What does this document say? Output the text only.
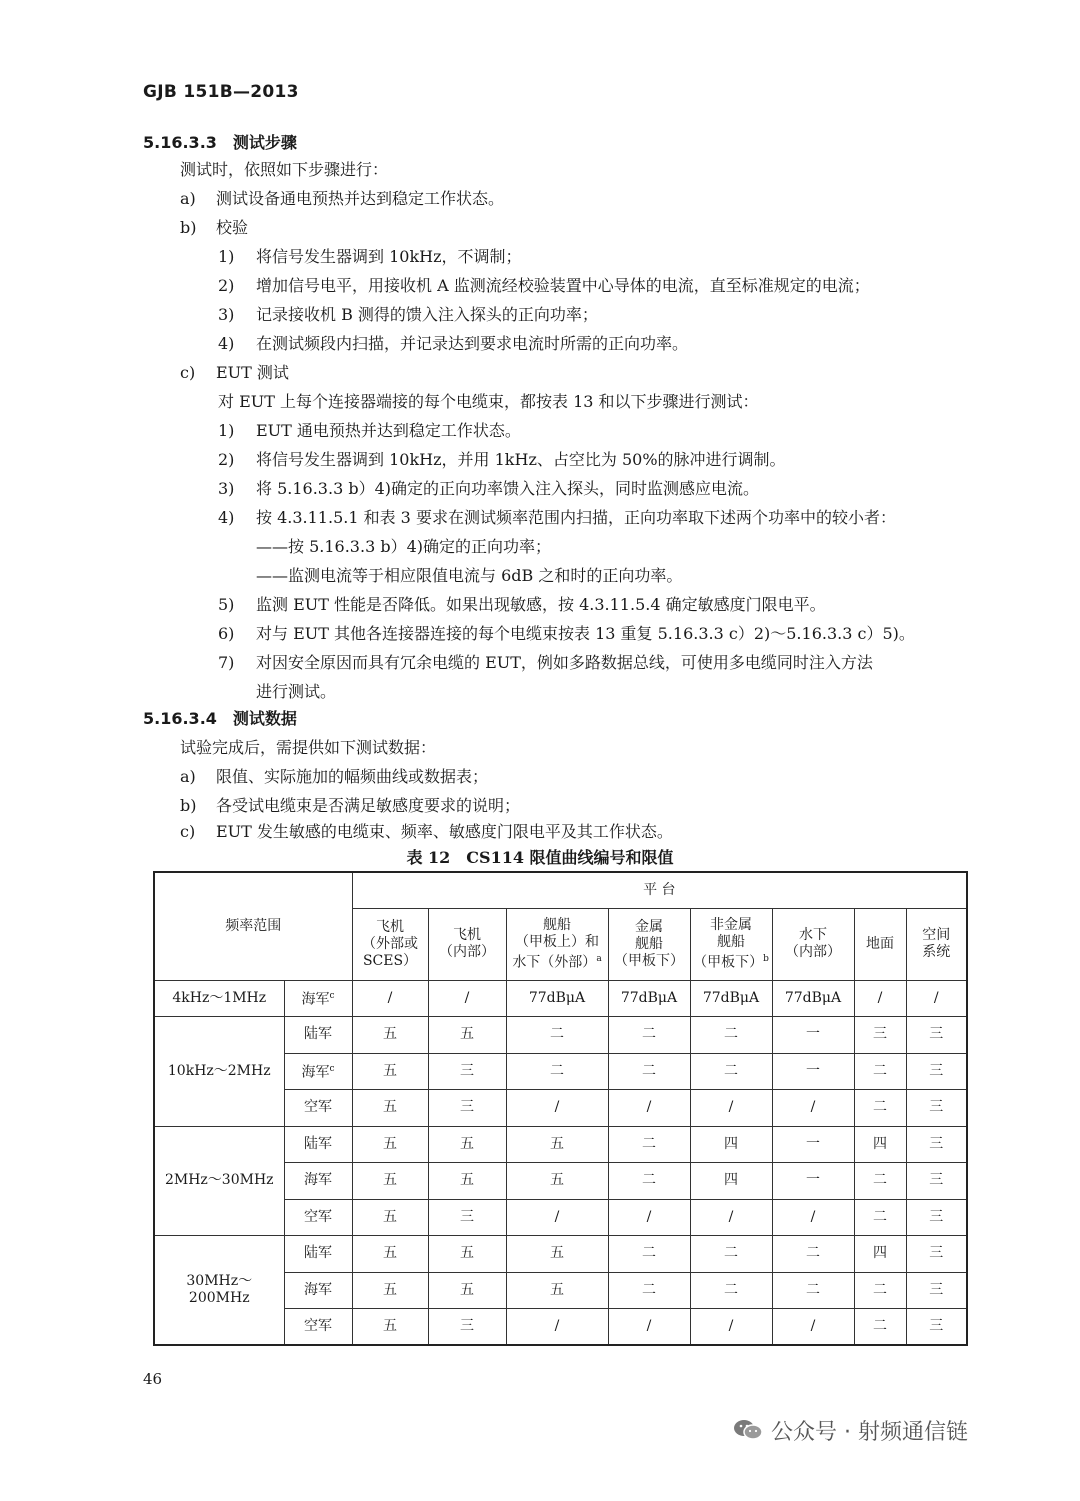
GJB 151B—2013
5.16.3.3 测试步骤
测试时，依照如下步骤进行：
a) 测试设备通电预热并达到稳定工作状态。
b) 校验
1) 将信号发生器调到 10kHz，不调制；
2) 增加信号电平，用接收机 A 监测流经校验装置中心导体的电流，直至标准规定的电流；
3) 记录接收机 B 测得的馈入注入探头的正向功率；
4) 在测试频段内扫描，并记录达到要求电流时所需的正向功率。
c) EUT 测试
对 EUT 上每个连接器端接的每个电缆束，都按表 13 和以下步骤进行测试：
1) EUT 通电预热并达到稳定工作状态。
2) 将信号发生器调到 10kHz，并用 1kHz、占空比为 50%的脉冲进行调制。
3) 将 5.16.3.3 b）4)确定的正向功率馈入注入探头，同时监测感应电流。
4) 按 4.3.11.5.1 和表 3 要求在测试频率范围内扫描，正向功率取下述两个功率中的较小者：
——按 5.16.3.3 b）4)确定的正向功率；
——监测电流等于相应限值电流与 6dB 之和时的正向功率。
5) 监测 EUT 性能是否降低。如果出现敏感，按 4.3.11.5.4 确定敏感度门限电平。
6) 对与 EUT 其他各连接器连接的每个电缆束按表 13 重复 5.16.3.3 c）2)～5.16.3.3 c）5)。
7) 对因安全原因而具有冗余电缆的 EUT，例如多路数据总线，可使用多电缆同时注入方法
进行测试。
5.16.3.4 测试数据
试验完成后，需提供如下测试数据：
a) 限值、实际施加的幅频曲线或数据表；
b) 各受试电缆束是否满足敏感度要求的说明；
c) EUT 发生敏感的电缆束、频率、敏感度门限电平及其工作状态。
表 12 CS114 限值曲线编号和限值
频率范围		平 台							

		飞机
（外部或
SCES）	飞机
（内部）	舰船
（甲板上）和
水下（外部）$^a$	金属
舰船
（甲板下）	非金属
舰船
（甲板下）$^b$	水下
（内部）	地面	空间
系统

4kHz～1MHz	海军$^c$	/	/	77dBμA	77dBμA	77dBμA	77dBμA	/	/
10kHz～2MHz	陆军	五	五	二	二	二	一	三	三
	海军$^c$	五	三	二	二	二	一	二	三
	空军	五	三	/	/	/	/	二	三
2MHz～30MHz	陆军	五	五	五	二	四	一	四	三
	海军	五	五	五	二	四	一	二	三
	空军	五	三	/	/	/	/	二	三

30MHz～
200MHz	陆军	五	五	五	二	二	二	四	三
	海军	五	五	五	二	二	二	二	三
	空军	五	三	/	/	/	/	二	三
46
公众号 · 射频通信链
